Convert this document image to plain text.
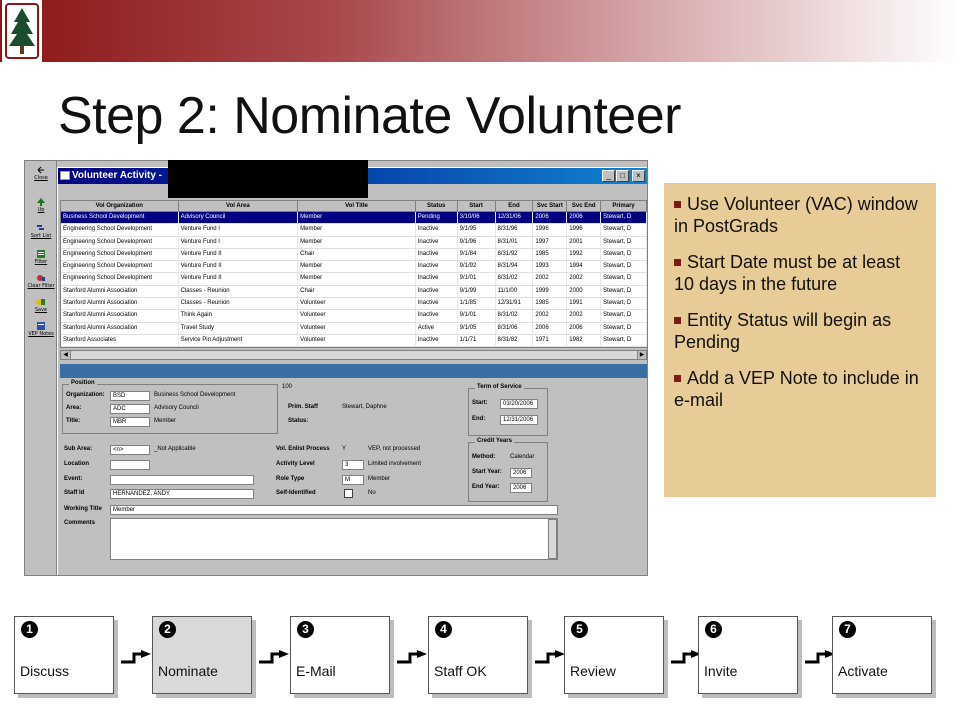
Step 2: Nominate Volunteer
Close
Up
Sort List
Filter
Clear Filter
Save
VEP Notes
Volunteer Activity -	_	□	×
Vol Organization	Vol Area	Vol Title	Status	Start	End	Svc Start	Svc End	Primary
Business School Development	Advisory Council	Member	Pending	3/10/06	12/31/06	2006	2006	Stewart, D
Engineering School Development	Venture Fund I	Member	Inactive	9/1/95	8/31/96	1996	1996	Stewart, D
Engineering School Development	Venture Fund I	Member	Inactive	9/1/96	8/31/01	1997	2001	Stewart, D
Engineering School Development	Venture Fund II	Chair	Inactive	9/1/84	8/31/92	1985	1992	Stewart, D
Engineering School Development	Venture Fund II	Member	Inactive	9/1/92	8/31/94	1993	1994	Stewart, D
Engineering School Development	Venture Fund II	Member	Inactive	9/1/01	8/31/02	2002	2002	Stewart, D
Stanford Alumni Association	Classes - Reunion	Chair	Inactive	9/1/99	11/1/00	1999	2000	Stewart, D
Stanford Alumni Association	Classes - Reunion	Volunteer	Inactive	1/1/85	12/31/91	1985	1991	Stewart, D
Stanford Alumni Association	Think Again	Volunteer	Inactive	9/1/01	8/31/02	2002	2002	Stewart, D
Stanford Alumni Association	Travel Study	Volunteer	Active	9/1/05	8/31/06	2006	2006	Stewart, D
Stanford Associates	Service Pin Adjustment	Volunteer	Inactive	1/1/71	8/31/82	1971	1982	Stewart, D
◀	▶
Position
Organization:	BSD	Business School Development
Area:	ADC	Advisory Council
Title:	MBR	Member
100
Prim. Staff	Stewart, Daphne
Status:
Term of Service
Start:	03/20/2006
End:	12/31/2006
Sub Area:	<n>	_Not Applicable
Location
Event:
Staff Id	HERNANDEZ, ANDY
Vol. Enlist Process Y	VEP, not processed
Activity Level	3	Limited involvement
Role Type	M	Member
Self-Identified	No
Credit Years
Method: Calendar
Start Year:	2006
End Year:	2006
Working Title	Member
Comments
Use Volunteer (VAC) window in PostGrads
Start Date must be at least 10 days in the future
Entity Status will begin as Pending
Add a VEP Note to include in e-mail
1
Discuss
2
Nominate
3
E-Mail
4
Staff OK
5
Review
6
Invite
7
Activate
